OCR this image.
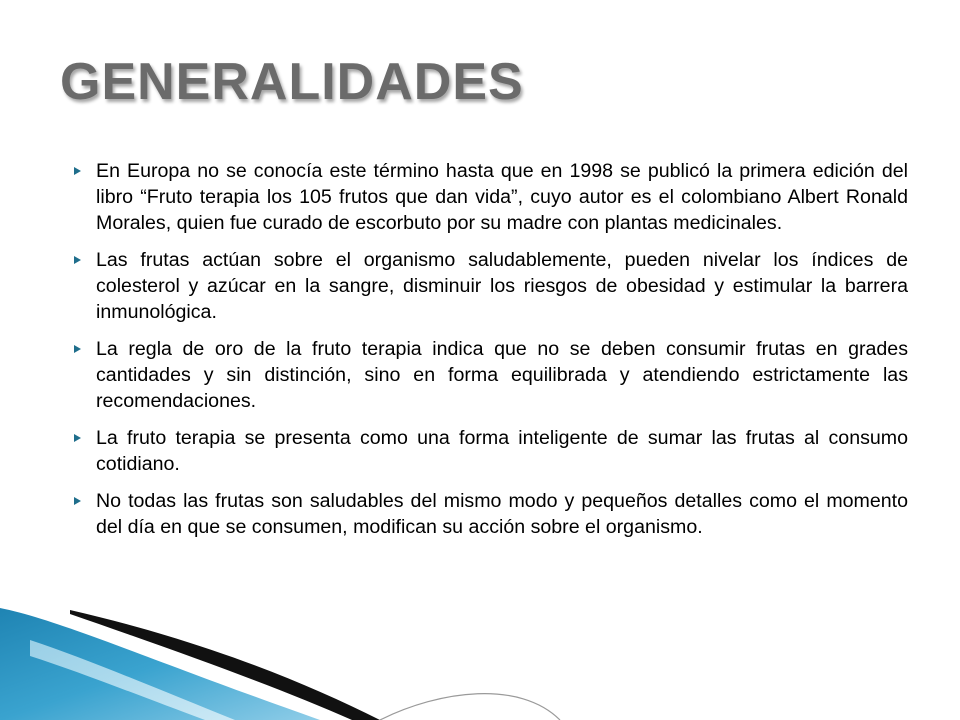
GENERALIDADES
En Europa no se conocía este término hasta que en 1998 se publicó la primera edición del libro “Fruto terapia los 105 frutos que dan vida”, cuyo autor es el colombiano Albert Ronald Morales, quien fue curado de escorbuto por su madre con plantas medicinales.
Las frutas actúan sobre el organismo saludablemente, pueden nivelar los índices de colesterol y azúcar en la sangre, disminuir los riesgos de obesidad y estimular la barrera inmunológica.
La regla de oro de la fruto terapia indica que no se deben consumir frutas en grades cantidades y sin distinción, sino en forma equilibrada y atendiendo estrictamente las recomendaciones.
La fruto terapia se presenta como una forma inteligente de sumar las frutas al consumo cotidiano.
No todas las frutas son saludables del mismo modo y pequeños detalles como el momento del día en que se consumen, modifican su acción sobre el organismo.
